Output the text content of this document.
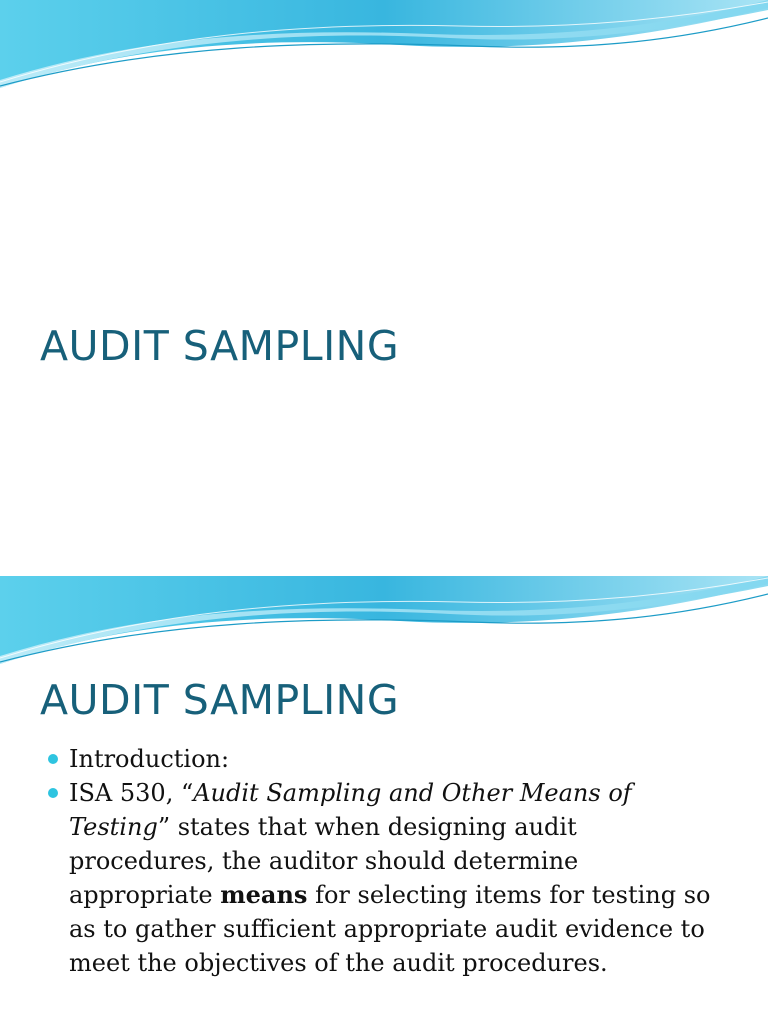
AUDIT SAMPLING
AUDIT SAMPLING
Introduction:
ISA 530, “Audit Sampling and Other Means of Testing” states that when designing audit procedures, the auditor should determine appropriate means for selecting items for testing so as to gather sufficient appropriate audit evidence to meet the objectives of the audit procedures.
